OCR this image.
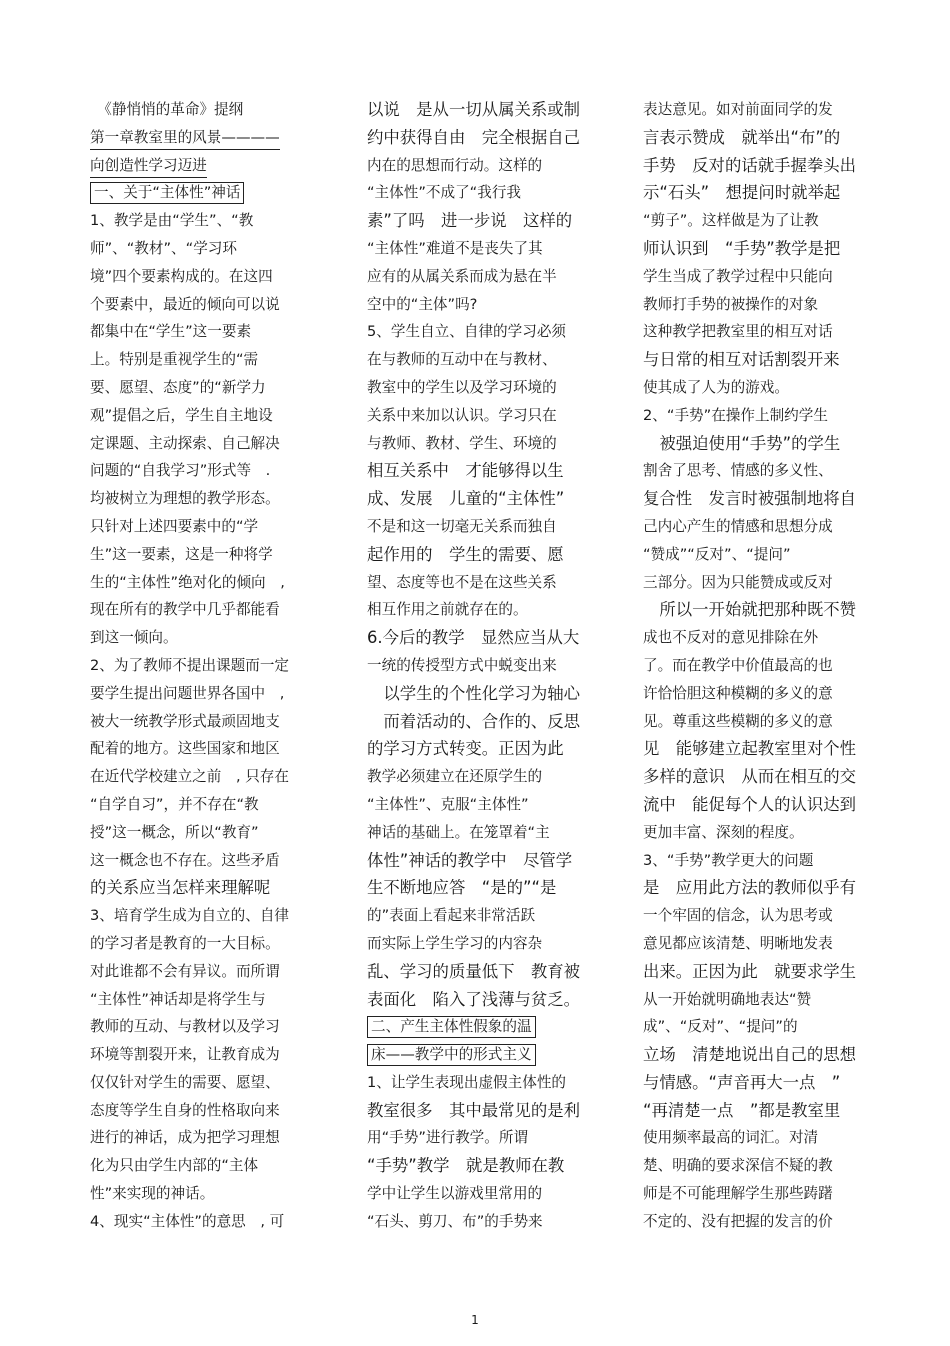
　《静悄悄的革命》提纲
第一章教室里的风景————
向创造性学习迈进
一、关于“主体性”神话
1、教学是由“学生”、“教
师”、“教材”、“学习环
境”四个要素构成的。在这四
个要素中，最近的倾向可以说
都集中在“学生”这一要素
上。特别是重视学生的“需
要、愿望、态度”的“新学力
观”提倡之后，学生自主地设
定课题、主动探索、自己解决
问题的“自我学习”形式等　.
均被树立为理想的教学形态。
只针对上述四要素中的“学
生”这一要素，这是一种将学
生的“主体性”绝对化的倾向　,
现在所有的教学中几乎都能看
到这一倾向。
2、为了教师不提出课题而一定
要学生提出问题世界各国中　,
被大一统教学形式最顽固地支
配着的地方。这些国家和地区
在近代学校建立之前　, 只存在
“自学自习”，并不存在“教
授”这一概念，所以“教育”
这一概念也不存在。这些矛盾
的关系应当怎样来理解呢
3、培育学生成为自立的、自律
的学习者是教育的一大目标。
对此谁都不会有异议。而所谓
“主体性”神话却是将学生与
教师的互动、与教材以及学习
环境等割裂开来，让教育成为
仅仅针对学生的需要、愿望、
态度等学生自身的性格取向来
进行的神话，成为把学习理想
化为只由学生内部的“主体
性”来实现的神话。
4、现实“主体性”的意思　, 可
以说　是从一切从属关系或制
约中获得自由　完全根据自己
内在的思想而行动。这样的
“主体性”不成了“我行我
素”了吗　进一步说　这样的
“主体性”难道不是丧失了其
应有的从属关系而成为悬在半
空中的“主体”吗?
5、学生自立、自律的学习必须
在与教师的互动中在与教材、
教室中的学生以及学习环境的
关系中来加以认识。学习只在
与教师、教材、学生、环境的
相互关系中　才能够得以生
成、发展　儿童的“主体性”
不是和这一切毫无关系而独自
起作用的　学生的需要、愿
望、态度等也不是在这些关系
相互作用之前就存在的。
6.今后的教学　显然应当从大
一统的传授型方式中蜕变出来
　以学生的个性化学习为轴心
　而着活动的、合作的、反思
的学习方式转变。正因为此
教学必须建立在还原学生的
“主体性”、克服“主体性”
神话的基础上。在笼罩着“主
体性”神话的教学中　尽管学
生不断地应答　“是的”“是
的”表面上看起来非常活跃
而实际上学生学习的内容杂
乱、学习的质量低下　教育被
表面化　陷入了浅薄与贫乏。
二、产生主体性假象的温
床——教学中的形式主义
1、让学生表现出虚假主体性的
教室很多　其中最常见的是利
用“手势”进行教学。所谓
“手势”教学　就是教师在教
学中让学生以游戏里常用的
“石头、剪刀、布”的手势来
表达意见。如对前面同学的发
言表示赞成　就举出“布”的
手势　反对的话就手握拳头出
示“石头”　想提问时就举起
“剪子”。这样做是为了让教
师认识到　“手势”教学是把
学生当成了教学过程中只能向
教师打手势的被操作的对象
这种教学把教室里的相互对话
与日常的相互对话割裂开来
使其成了人为的游戏。
2、“手势”在操作上制约学生
　被强迫使用“手势”的学生
割舍了思考、情感的多义性、
复合性　发言时被强制地将自
己内心产生的情感和思想分成
“赞成”“反对”、“提问”
三部分。因为只能赞成或反对
　所以一开始就把那种既不赞
成也不反对的意见排除在外
了。而在教学中价值最高的也
许恰恰胆这种模糊的多义的意
见。尊重这些模糊的多义的意
见　能够建立起教室里对个性
多样的意识　从而在相互的交
流中　能促每个人的认识达到
更加丰富、深刻的程度。
3、“手势”教学更大的问题
是　应用此方法的教师似乎有
一个牢固的信念，认为思考或
意见都应该清楚、明晰地发表
出来。正因为此　就要求学生
从一开始就明确地表达“赞
成”、“反对”、“提问”的
立场　清楚地说出自己的思想
与情感。“声音再大一点　”
“再清楚一点　”都是教室里
使用频率最高的词汇。对清
楚、明确的要求深信不疑的教
师是不可能理解学生那些踌躇
不定的、没有把握的发言的价
1
